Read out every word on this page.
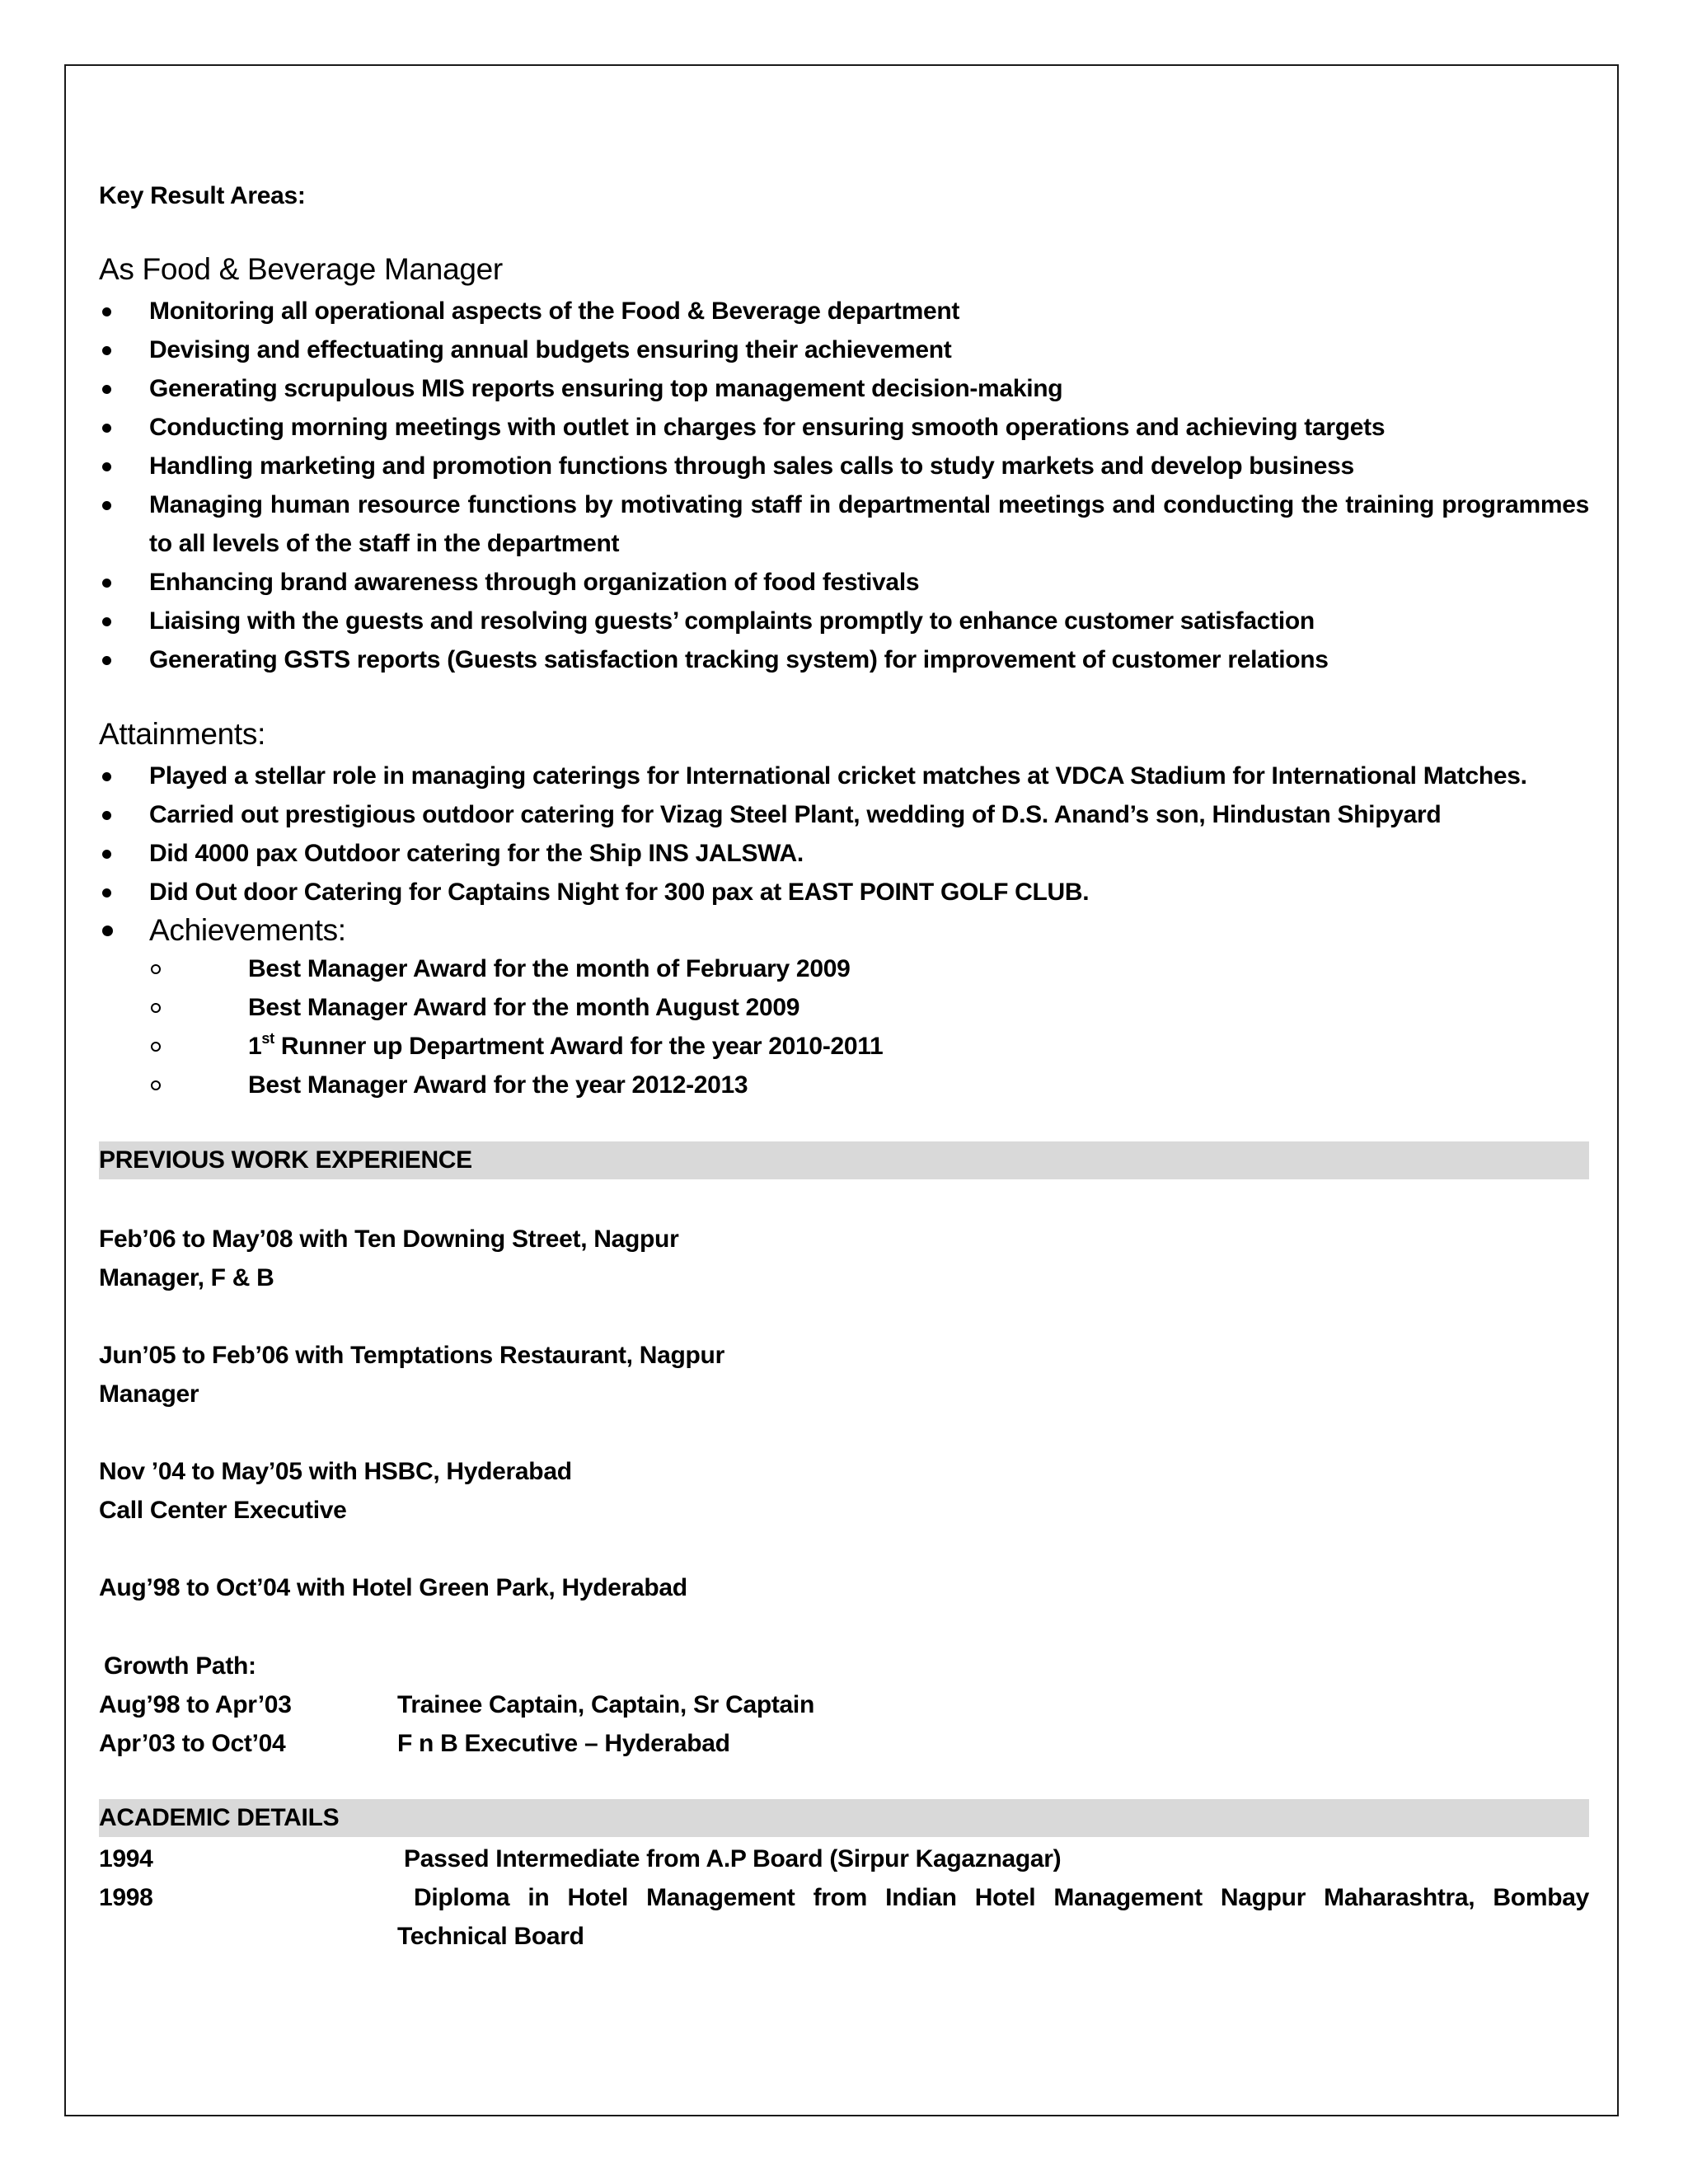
Key Result Areas:
As Food & Beverage Manager
Monitoring all operational aspects of the Food & Beverage department
Devising and effectuating annual budgets ensuring their achievement
Generating scrupulous MIS reports ensuring top management decision-making
Conducting morning meetings with outlet in charges for ensuring smooth operations and achieving targets
Handling marketing and promotion functions through sales calls to study markets and develop business
Managing human resource functions by motivating staff in departmental meetings and conducting the training programmes to all levels of the staff in the department
Enhancing brand awareness through organization of food festivals
Liaising with the guests and resolving guests’ complaints promptly to enhance customer satisfaction
Generating GSTS reports (Guests satisfaction tracking system) for improvement of customer relations
Attainments:
Played a stellar role in managing caterings for International cricket matches at VDCA Stadium for International Matches.
Carried out prestigious outdoor catering for Vizag Steel Plant, wedding of D.S. Anand’s son, Hindustan Shipyard
Did 4000 pax Outdoor catering for the Ship INS JALSWA.
Did Out door Catering for Captains Night for 300 pax at EAST POINT GOLF CLUB.
Achievements:
Best Manager Award for the month of February 2009
Best Manager Award for the month August 2009
1st Runner up Department Award for the year 2010-2011
Best Manager Award for the year 2012-2013
PREVIOUS WORK EXPERIENCE
Feb’06 to May’08 with Ten Downing Street, Nagpur
Manager, F & B
Jun’05 to Feb’06 with Temptations Restaurant, Nagpur
Manager
Nov ’04 to May’05 with HSBC, Hyderabad
Call Center Executive
Aug’98 to Oct’04 with Hotel Green Park, Hyderabad
Growth Path:
Aug’98 to Apr’03	Trainee Captain, Captain, Sr Captain
Apr’03 to Oct’04	F n B Executive – Hyderabad
ACADEMIC DETAILS
1994	Passed Intermediate from A.P Board (Sirpur Kagaznagar)
1998	Diploma in Hotel Management from Indian Hotel Management Nagpur Maharashtra, Bombay Technical Board
